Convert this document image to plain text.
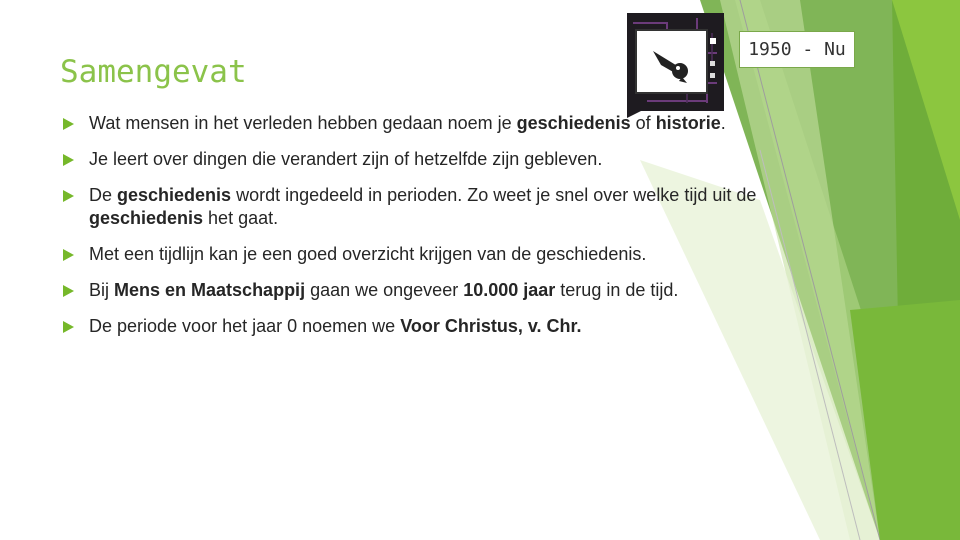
Samengevat
1950 - Nu
Wat mensen in het verleden hebben gedaan noem je geschiedenis of historie.
Je leert over dingen die verandert zijn of hetzelfde zijn gebleven.
De geschiedenis wordt ingedeeld in perioden. Zo weet je snel over welke tijd uit de geschiedenis het gaat.
Met een tijdlijn kan je een goed overzicht krijgen van de geschiedenis.
Bij Mens en Maatschappij gaan we ongeveer 10.000 jaar terug in de tijd.
De periode voor het jaar 0 noemen we Voor Christus, v. Chr.
